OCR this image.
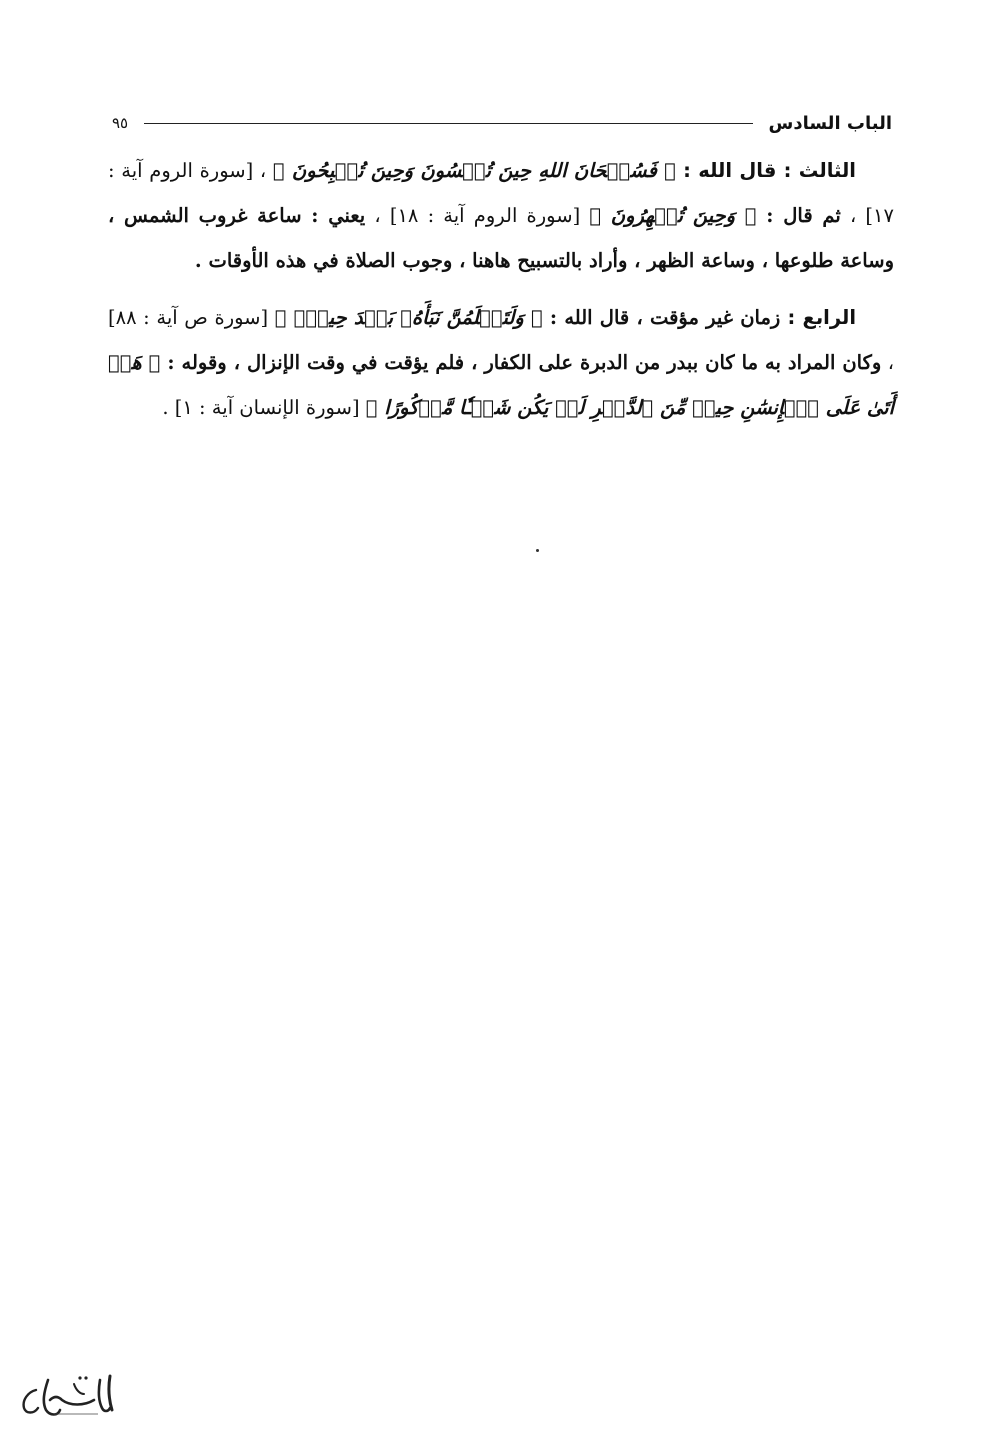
الباب السادس
٩٥

الثالث : قال الله : ﴿ فَسُبۡحَانَ اللهِ حِينَ تُمۡسُونَ وَحِينَ تُصۡبِحُونَ ﴾ ، [سورة الروم آية : ١٧] ، ثم قال : ﴿ وَحِينَ تُظۡهِرُونَ ﴾ [سورة الروم آية : ١٨] ، يعني : ساعة غروب الشمس ، وساعة طلوعها ، وساعة الظهر ، وأراد بالتسبيح هاهنا ، وجوب الصلاة في هذه الأوقات .

الرابع : زمان غير مؤقت ، قال الله : ﴿ وَلَتَعۡلَمُنَّ نَبَأَهُۥ بَعۡدَ حِينِۭ ﴾ [سورة ص آية : ٨٨] ، وكان المراد به ما كان ببدر من الدبرة على الكفار ، فلم يؤقت في وقت الإنزال ، وقوله : ﴿ هَلۡ أَتَىٰ عَلَى ٱلۡإِنسَٰنِ حِينٞ مِّنَ ٱلدَّهۡرِ لَمۡ يَكُن شَيۡـٔٗا مَّذۡكُورًا ﴾ [سورة الإنسان آية : ١] .
